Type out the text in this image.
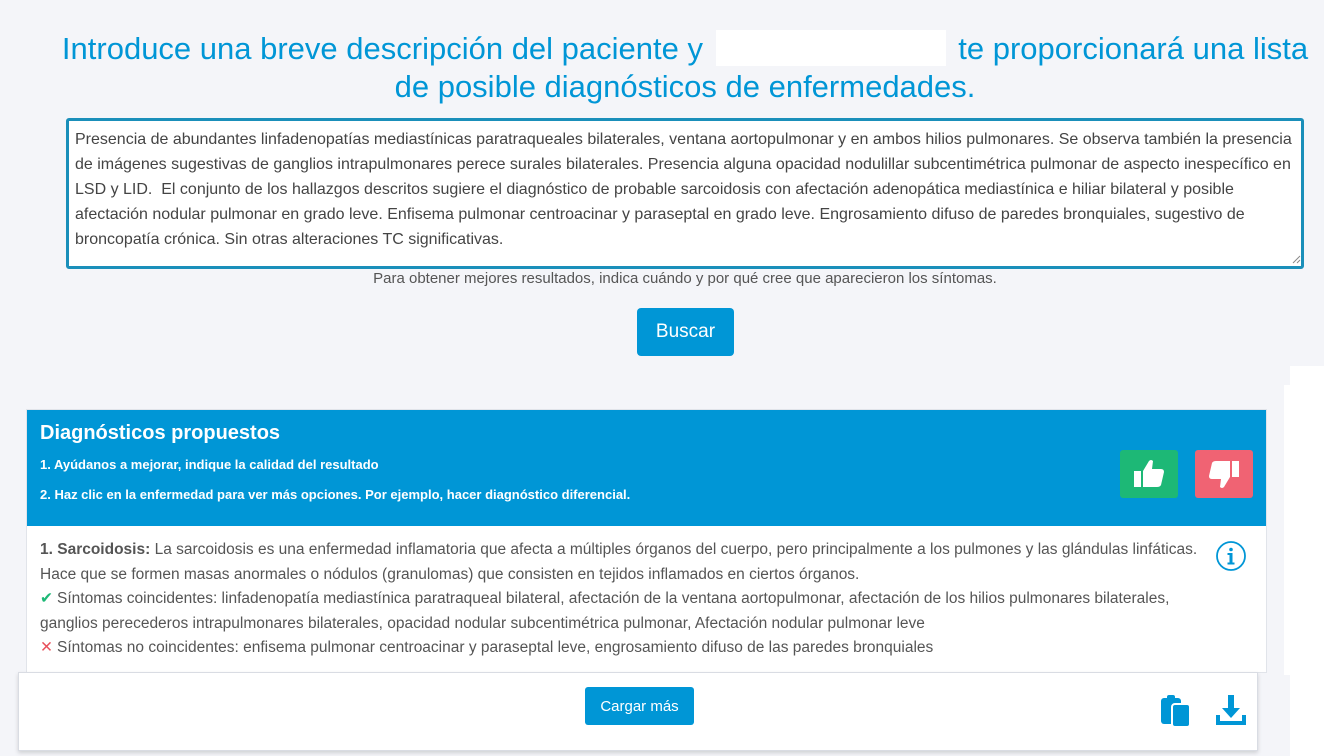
Introduce una breve descripción del paciente y	te proporcionará una lista de posible diagnósticos de enfermedades.
Presencia de abundantes linfadenopatías mediastínicas paratraqueales bilaterales, ventana aortopulmonar y en ambos hilios pulmonares. Se observa también la presencia de imágenes sugestivas de ganglios intrapulmonares perece surales bilaterales. Presencia alguna opacidad nodulillar subcentimétrica pulmonar de aspecto inespecífico en LSD y LID. El conjunto de los hallazgos descritos sugiere el diagnóstico de probable sarcoidosis con afectación adenopática mediastínica e hiliar bilateral y posible afectación nodular pulmonar en grado leve. Enfisema pulmonar centroacinar y paraseptal en grado leve. Engrosamiento difuso de paredes bronquiales, sugestivo de broncopatía crónica. Sin otras alteraciones TC significativas.
Para obtener mejores resultados, indica cuándo y por qué cree que aparecieron los síntomas.
Buscar
Diagnósticos propuestos
1. Ayúdanos a mejorar, indique la calidad del resultado
2. Haz clic en la enfermedad para ver más opciones. Por ejemplo, hacer diagnóstico diferencial.
1. Sarcoidosis: La sarcoidosis es una enfermedad inflamatoria que afecta a múltiples órganos del cuerpo, pero principalmente a los pulmones y las glándulas linfáticas. Hace que se formen masas anormales o nódulos (granulomas) que consisten en tejidos inflamados en ciertos órganos.
✔ Síntomas coincidentes: linfadenopatía mediastínica paratraqueal bilateral, afectación de la ventana aortopulmonar, afectación de los hilios pulmonares bilaterales, ganglios perecederos intrapulmonares bilaterales, opacidad nodular subcentimétrica pulmonar, Afectación nodular pulmonar leve
✕ Síntomas no coincidentes: enfisema pulmonar centroacinar y paraseptal leve, engrosamiento difuso de las paredes bronquiales
Cargar más
